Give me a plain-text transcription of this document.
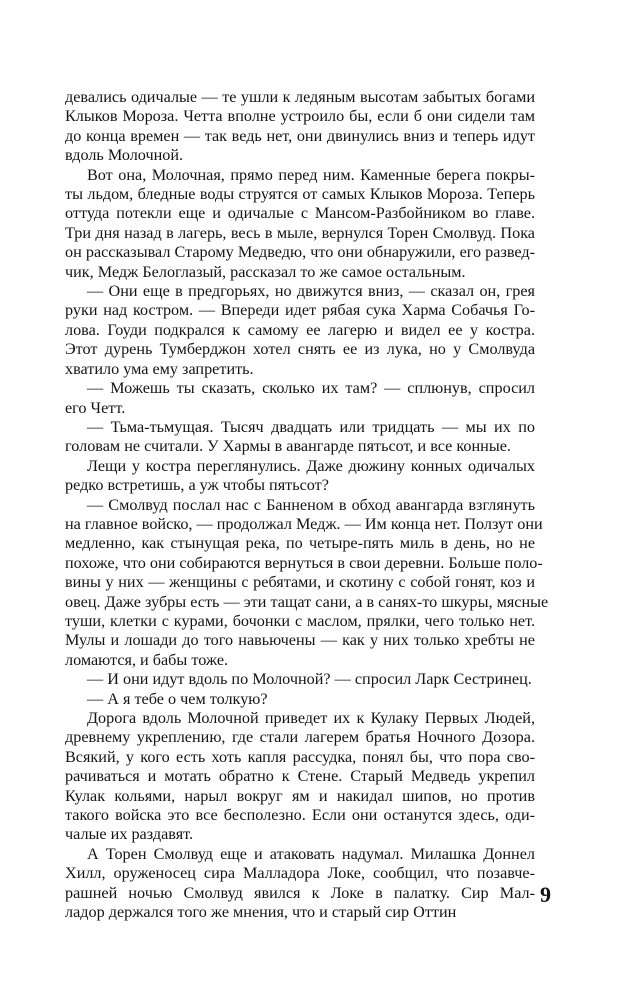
девались одичалые — те ушли к ледяным высотам забытых богами
Клыков Мороза. Четта вполне устроило бы, если б они сидели там
до конца времен — так ведь нет, они двинулись вниз и теперь идут
вдоль Молочной.

Вот она, Молочная, прямо перед ним. Каменные берега покры-
ты льдом, бледные воды струятся от самых Клыков Мороза. Теперь
оттуда потекли еще и одичалые с Мансом-Разбойником во главе.
Три дня назад в лагерь, весь в мыле, вернулся Торен Смолвуд. Пока
он рассказывал Старому Медведю, что они обнаружили, его развед-
чик, Медж Белоглазый, рассказал то же самое остальным.

— Они еще в предгорьях, но движутся вниз, — сказал он, грея
руки над костром. — Впереди идет рябая сука Харма Собачья Го-
лова. Гоуди подкрался к самому ее лагерю и видел ее у костра.
Этот дурень Тумберджон хотел снять ее из лука, но у Смолвуда
хватило ума ему запретить.

— Можешь ты сказать, сколько их там? — сплюнув, спросил
его Четт.

— Тьма-тьмущая. Тысяч двадцать или тридцать — мы их по
головам не считали. У Хармы в авангарде пятьсот, и все конные.

Лещи у костра переглянулись. Даже дюжину конных одичалых
редко встретишь, а уж чтобы пятьсот?

— Смолвуд послал нас с Банненом в обход авангарда взглянуть
на главное войско, — продолжал Медж. — Им конца нет. Ползут они
медленно, как стынущая река, по четыре-пять миль в день, но не
похоже, что они собираются вернуться в свои деревни. Больше поло-
вины у них — женщины с ребятами, и скотину с собой гонят, коз и
овец. Даже зубры есть — эти тащат сани, а в санях-то шкуры, мясные
туши, клетки с курами, бочонки с маслом, прялки, чего только нет.
Мулы и лошади до того навьючены — как у них только хребты не
ломаются, и бабы тоже.

— И они идут вдоль по Молочной? — спросил Ларк Сестринец.

— А я тебе о чем толкую?

Дорога вдоль Молочной приведет их к Кулаку Первых Людей,
древнему укреплению, где стали лагерем братья Ночного Дозора.
Всякий, у кого есть хоть капля рассудка, понял бы, что пора сво-
рачиваться и мотать обратно к Стене. Старый Медведь укрепил
Кулак кольями, нарыл вокруг ям и накидал шипов, но против
такого войска это все бесполезно. Если они останутся здесь, оди-
чалые их раздавят.

А Торен Смолвуд еще и атаковать надумал. Милашка Доннел
Хилл, оруженосец сира Малладора Локе, сообщил, что позавче-
рашней ночью Смолвуд явился к Локе в палатку. Сир Мал-
ладор держался того же мнения, что и старый сир Оттин

9
